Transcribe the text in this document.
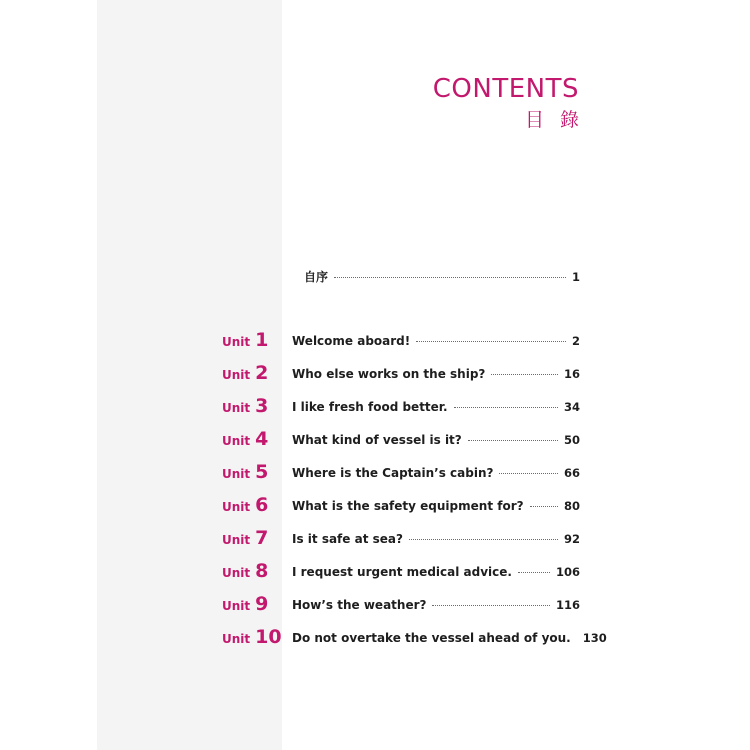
CONTENTS
目錄
自序	1
Unit 1 Welcome aboard!	2
Unit 2 Who else works on the ship?	16
Unit 3 I like fresh food better.	34
Unit 4 What kind of vessel is it?	50
Unit 5 Where is the Captain’s cabin?	66
Unit 6 What is the safety equipment for?	80
Unit 7 Is it safe at sea?	92
Unit 8 I request urgent medical advice.	106
Unit 9 How’s the weather?	116
Unit 10 Do not overtake the vessel ahead of you. 130
